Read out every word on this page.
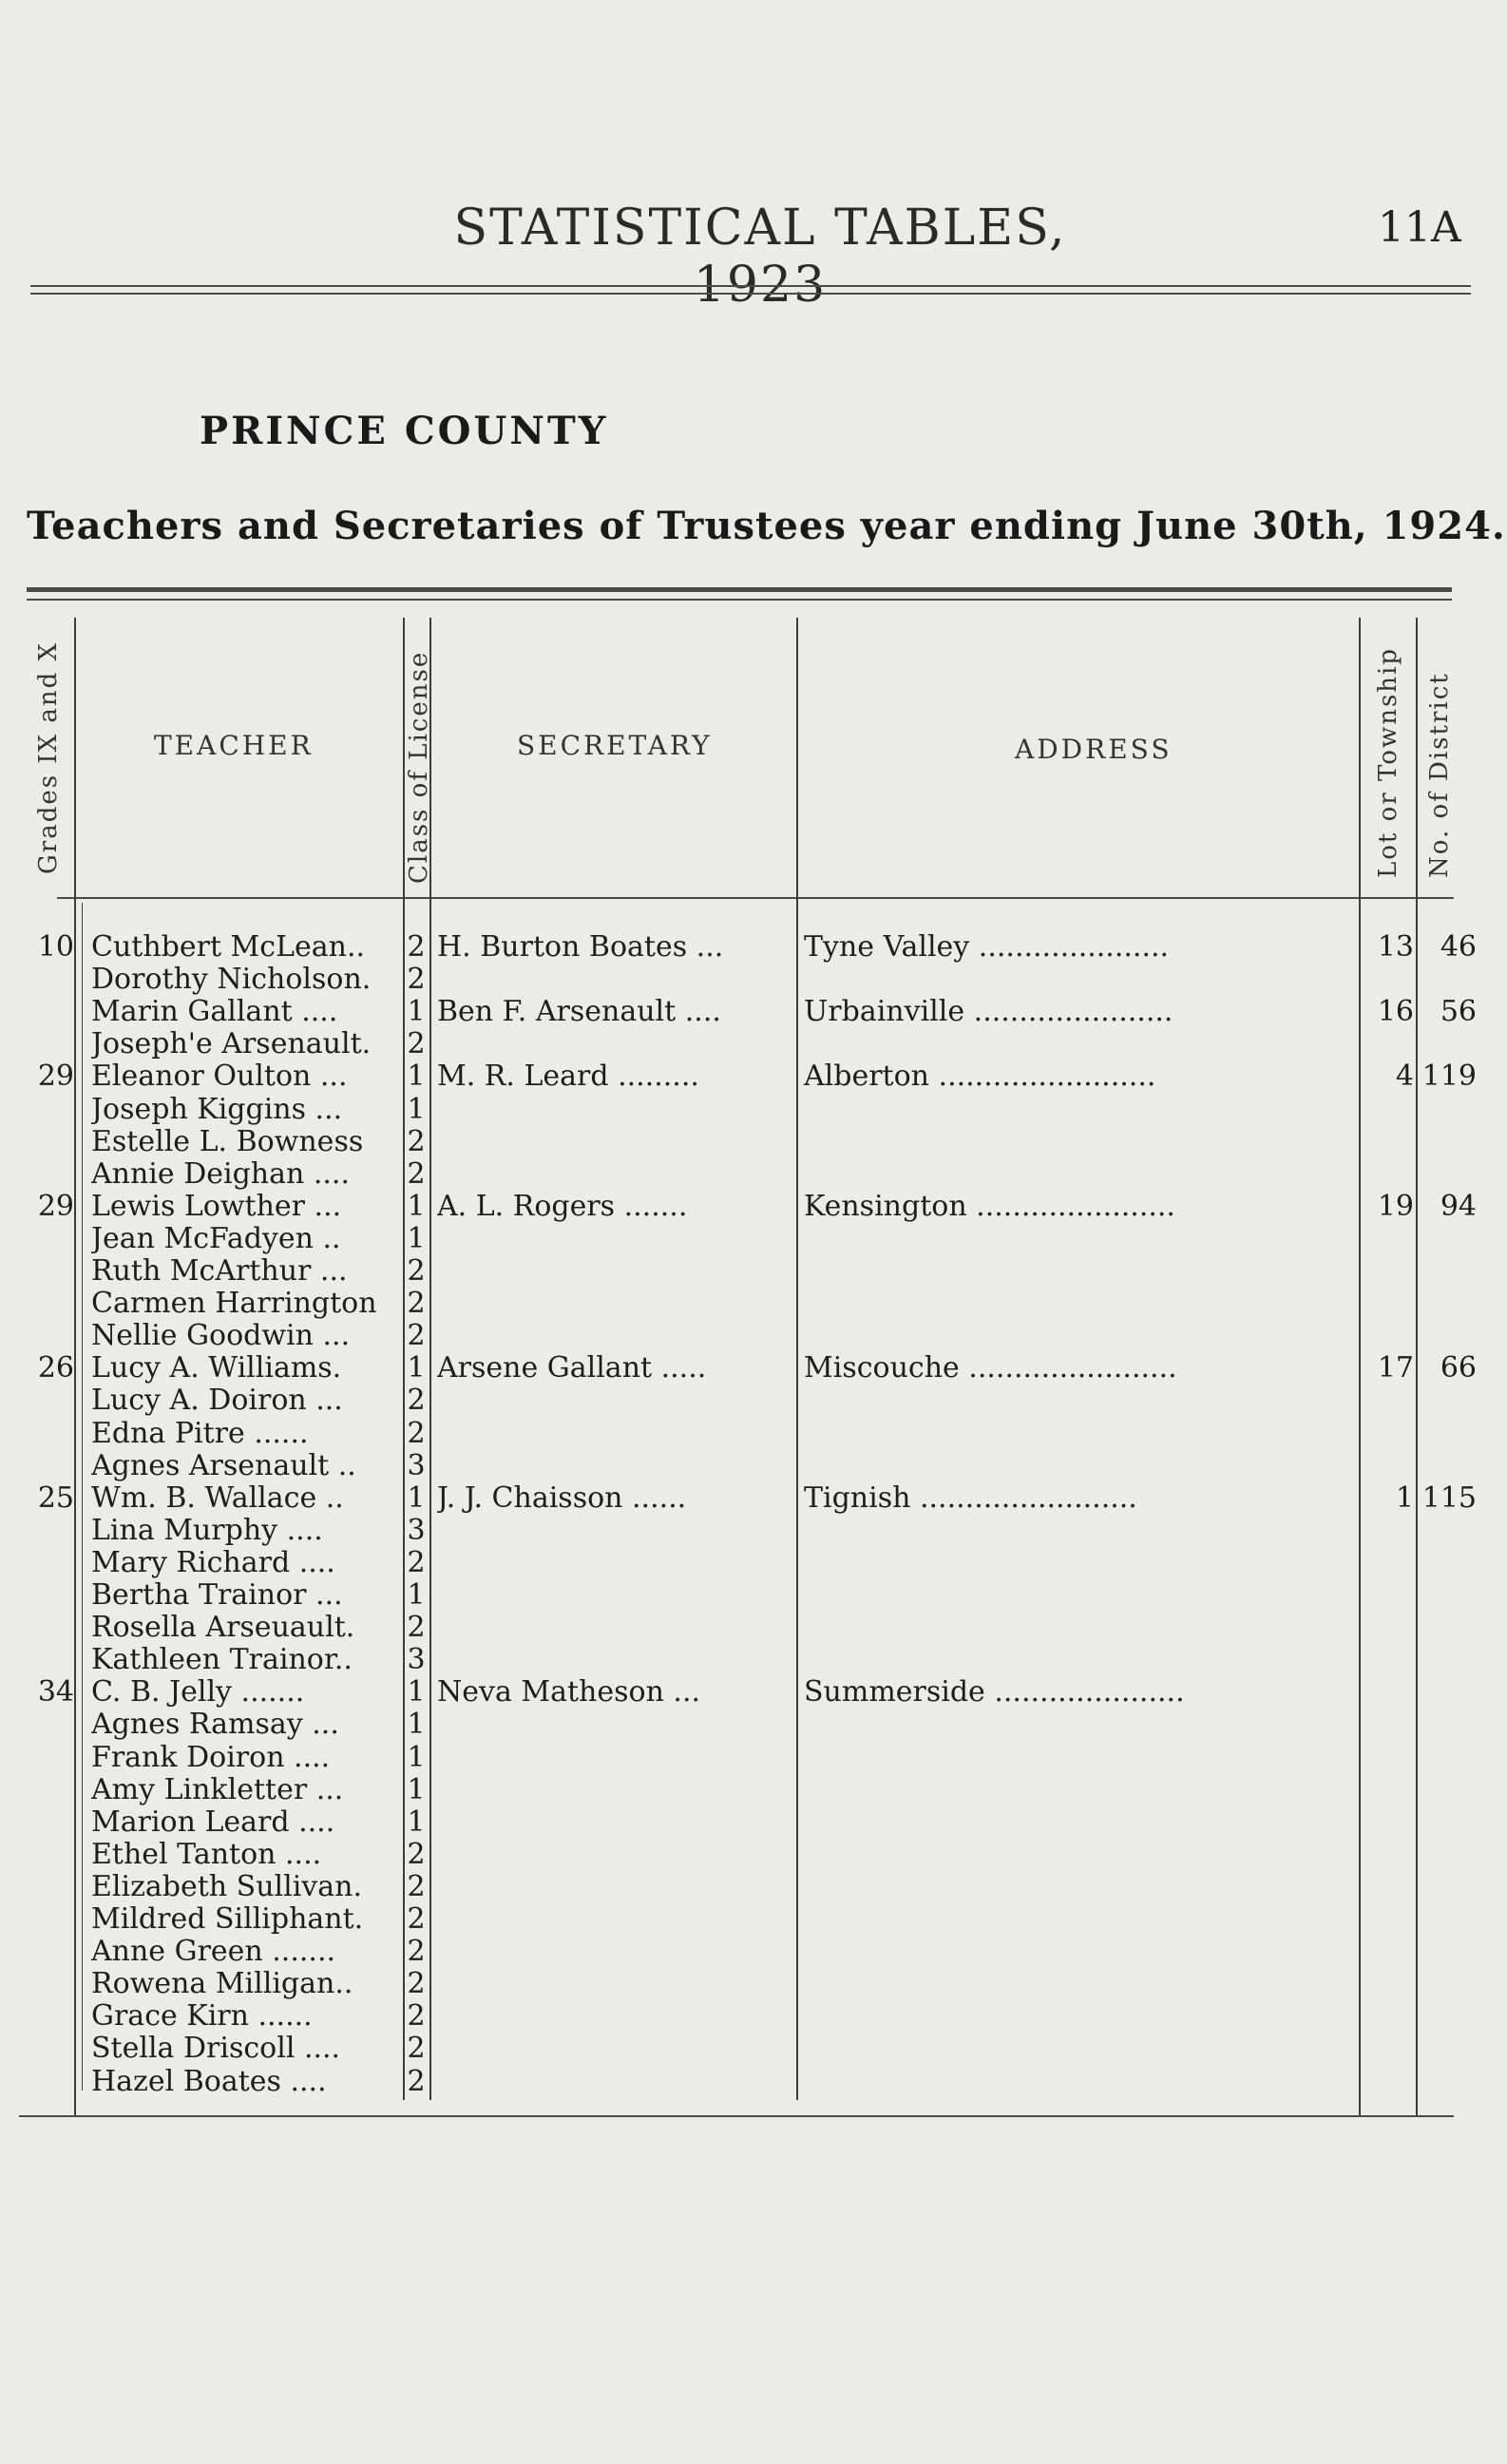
STATISTICAL TABLES,	11A
PRINCE COUNTY
Teachers and Secretaries of Trustees year ending June 30th, 1924.
Grades IX and X	TEACHER	Class of License	SECRETARY	ADDRESS	Lot or Township No. of District
10 Cuthbert McLean..	2 H. Burton Boates ...	Tyne Valley .....................	13 46
Dorothy Nicholson.	2
Marin Gallant ....	1 Ben F. Arsenault ....	Urbainville ......................	16 56
Joseph'e Arsenault.	2
29 Eleanor Oulton ...	1 M. R. Leard .........	Alberton ........................	4 119
Joseph Kiggins ...	1
Estelle L. Bowness	2
Annie Deighan ....	2
29 Lewis Lowther ...	1 A. L. Rogers .......	Kensington ......................	19 94
Jean McFadyen ..	1
Ruth McArthur ...	2
Carmen Harrington	2
Nellie Goodwin ...	2
26 Lucy A. Williams.	1 Arsene Gallant .....	Miscouche .......................	17 66
Lucy A. Doiron ...	2
Edna Pitre ......	2
Agnes Arsenault ..	3
25 Wm. B. Wallace ..	1 J. J. Chaisson ......	Tignish ........................	1 115
Lina Murphy ....	3
Mary Richard ....	2
Bertha Trainor ...	1
Rosella Arseuault.	2
Kathleen Trainor..	3
34 C. B. Jelly .......	1 Neva Matheson ...	Summerside .....................
Agnes Ramsay ...	1
Frank Doiron ....	1
Amy Linkletter ...	1
Marion Leard ....	1
Ethel Tanton ....	2
Elizabeth Sullivan.	2
Mildred Silliphant.	2
Anne Green .......	2
Rowena Milligan..	2
Grace Kirn ......	2
Stella Driscoll ....	2
Hazel Boates ....	2
